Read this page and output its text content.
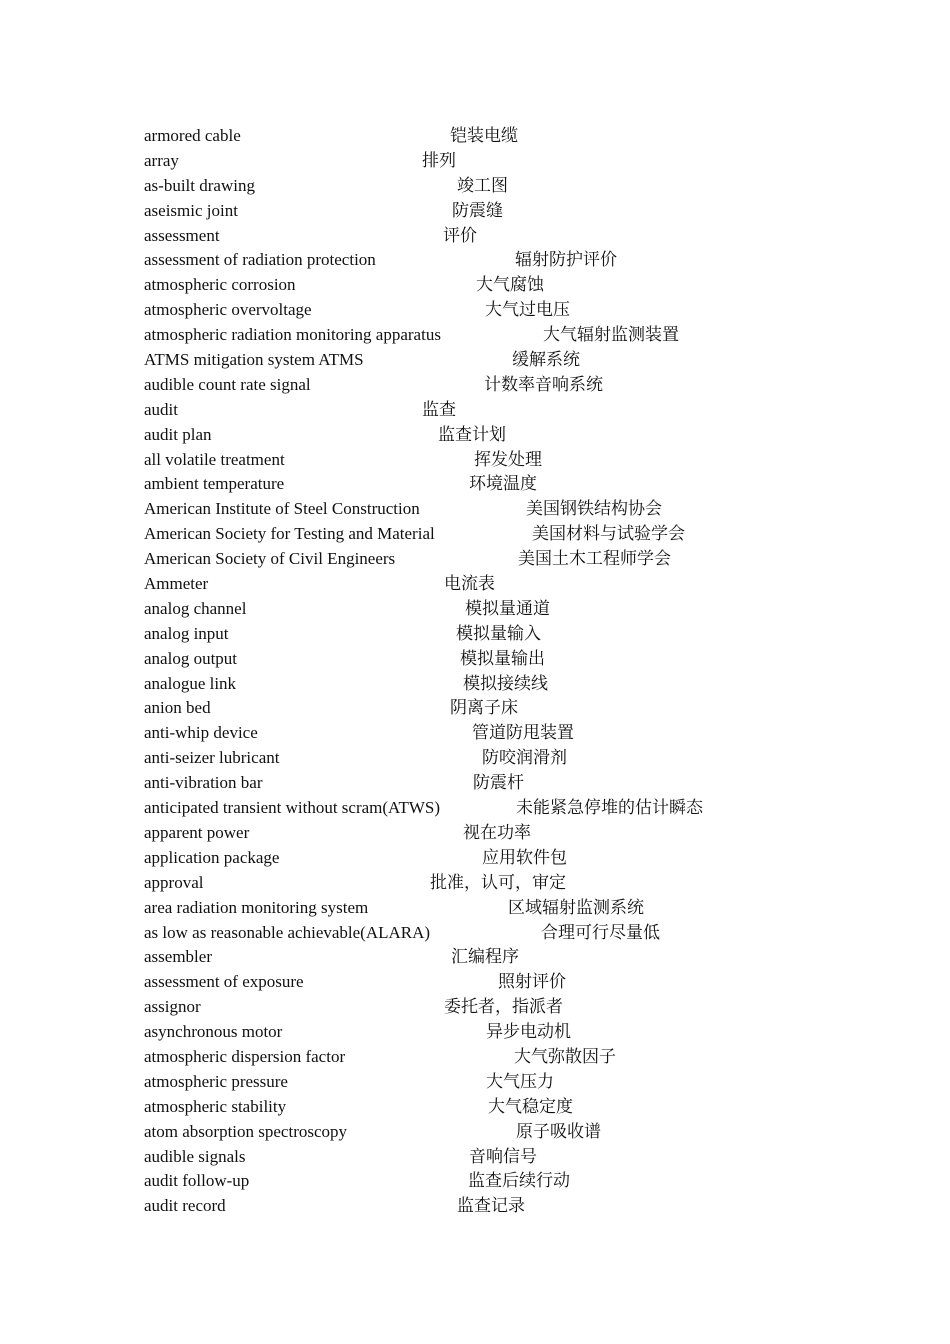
armored cable	铠装电缆
array	排列
as-built drawing	竣工图
aseismic joint	防震缝
assessment	评价
assessment of radiation protection	辐射防护评价
atmospheric corrosion	大气腐蚀
atmospheric overvoltage	大气过电压
atmospheric radiation monitoring apparatus	大气辐射监测装置
ATMS mitigation system ATMS	缓解系统
audible count rate signal	计数率音响系统
audit	监查
audit plan	监查计划
all volatile treatment	挥发处理
ambient temperature	环境温度
American Institute of Steel Construction	美国钢铁结构协会
American Society for Testing and Material	美国材料与试验学会
American Society of Civil Engineers	美国土木工程师学会
Ammeter	电流表
analog channel	模拟量通道
analog input	模拟量输入
analog output	模拟量输出
analogue link	模拟接续线
anion bed	阴离子床
anti-whip device	管道防甩装置
anti-seizer lubricant	防咬润滑剂
anti-vibration bar	防震杆
anticipated transient without scram(ATWS)	未能紧急停堆的估计瞬态
apparent power	视在功率
application package	应用软件包
approval	批准，认可，审定
area radiation monitoring system	区域辐射监测系统
as low as reasonable achievable(ALARA)	合理可行尽量低
assembler	汇编程序
assessment of exposure	照射评价
assignor	委托者，指派者
asynchronous motor	异步电动机
atmospheric dispersion factor	大气弥散因子
atmospheric pressure	大气压力
atmospheric stability	大气稳定度
atom absorption spectroscopy	原子吸收谱
audible signals	音响信号
audit follow-up	监查后续行动
audit record	监查记录
